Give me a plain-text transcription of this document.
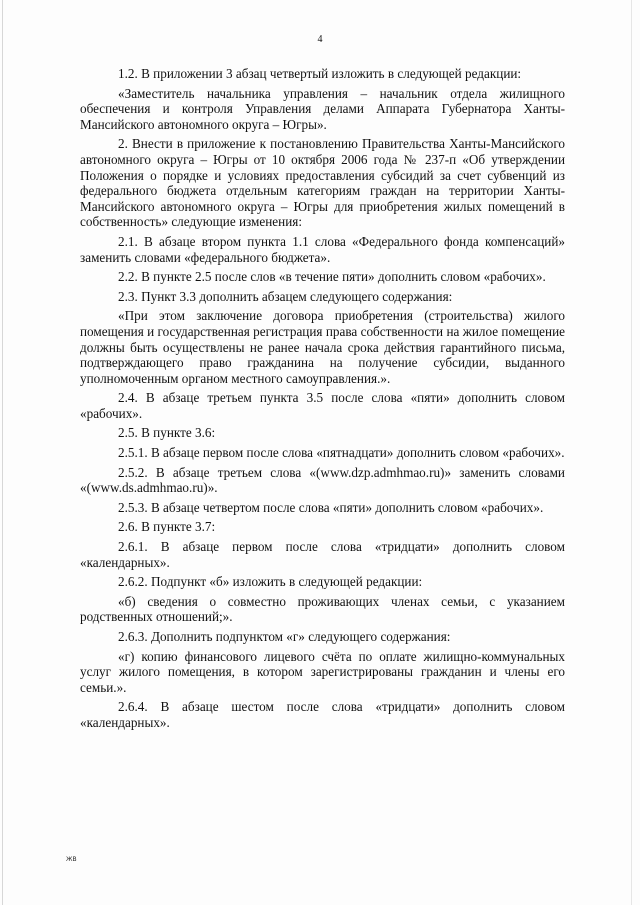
4

1.2. В приложении 3 абзац четвертый изложить в следующей редакции:

«Заместитель начальника управления – начальник отдела жилищного обеспечения и контроля Управления делами Аппарата Губернатора Ханты-Мансийского автономного округа – Югры».

2. Внести в приложение к постановлению Правительства Ханты-Мансийского автономного округа – Югры от 10 октября 2006 года № 237-п «Об утверждении Положения о порядке и условиях предоставления субсидий за счет субвенций из федерального бюджета отдельным категориям граждан на территории Ханты-Мансийского автономного округа – Югры для приобретения жилых помещений в собственность» следующие изменения:

2.1. В абзаце втором пункта 1.1 слова «Федерального фонда компенсаций» заменить словами «федерального бюджета».

2.2. В пункте 2.5 после слов «в течение пяти» дополнить словом «рабочих».

2.3. Пункт 3.3 дополнить абзацем следующего содержания:

«При этом заключение договора приобретения (строительства) жилого помещения и государственная регистрация права собственности на жилое помещение должны быть осуществлены не ранее начала срока действия гарантийного письма, подтверждающего право гражданина на получение субсидии, выданного уполномоченным органом местного самоуправления.».

2.4. В абзаце третьем пункта 3.5 после слова «пяти» дополнить словом «рабочих».

2.5. В пункте 3.6:

2.5.1. В абзаце первом после слова «пятнадцати» дополнить словом «рабочих».

2.5.2. В абзаце третьем слова «(www.dzp.admhmao.ru)» заменить словами «(www.ds.admhmao.ru)».

2.5.3. В абзаце четвертом после слова «пяти» дополнить словом «рабочих».

2.6. В пункте 3.7:

2.6.1. В абзаце первом после слова «тридцати» дополнить словом «календарных».

2.6.2. Подпункт «б» изложить в следующей редакции:

«б) сведения о совместно проживающих членах семьи, с указанием родственных отношений;».

2.6.3. Дополнить подпунктом «г» следующего содержания:

«г) копию финансового лицевого счёта по оплате жилищно-коммунальных услуг жилого помещения, в котором зарегистрированы гражданин и члены его семьи.».

2.6.4. В абзаце шестом после слова «тридцати» дополнить словом «календарных».

ЖВ
